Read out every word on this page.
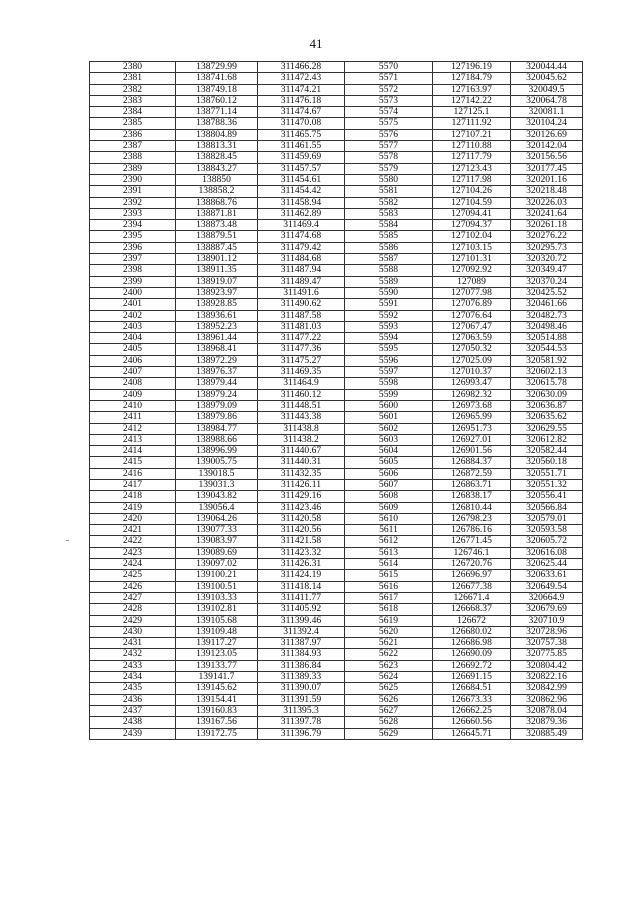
41
2380	138729.99	311466.28	5570	127196.19	320044.44
2381	138741.68	311472.43	5571	127184.79	320045.62
2382	138749.18	311474.21	5572	127163.97	320049.5
2383	138760.12	311476.18	5573	127142.22	320064.78
2384	138771.14	311474.67	5574	127125.1	320081.1
2385	138788.36	311470.08	5575	127111.92	320104.24
2386	138804.89	311465.75	5576	127107.21	320126.69
2387	138813.31	311461.55	5577	127110.88	320142.04
2388	138828.45	311459.69	5578	127117.79	320156.56
2389	138843.27	311457.57	5579	127123.43	320177.45
2390	138850	311454.61	5580	127117.98	320201.16
2391	138858.2	311454.42	5581	127104.26	320218.48
2392	138868.76	311458.94	5582	127104.59	320226.03
2393	138871.81	311462.89	5583	127094.41	320241.64
2394	138873.48	311469.4	5584	127094.37	320261.18
2395	138879.51	311474.68	5585	127102.04	320276.22
2396	138887.45	311479.42	5586	127103.15	320295.73
2397	138901.12	311484.68	5587	127101.31	320320.72
2398	138911.35	311487.94	5588	127092.92	320349.47
2399	138919.07	311489.47	5589	127089	320370.24
2400	138923.97	311491.6	5590	127077.98	320425.52
2401	138928.85	311490.62	5591	127076.89	320461.66
2402	138936.61	311487.58	5592	127076.64	320482.73
2403	138952.23	311481.03	5593	127067.47	320498.46
2404	138961.44	311477.22	5594	127063.59	320514.88
2405	138968.41	311477.36	5595	127050.32	320544.53
2406	138972.29	311475.27	5596	127025.09	320581.92
2407	138976.37	311469.35	5597	127010.37	320602.13
2408	138979.44	311464.9	5598	126993.47	320615.78
2409	138979.24	311460.12	5599	126982.32	320630.09
2410	138979.09	311448.51	5600	126973.68	320636.87
2411	138979.86	311443.38	5601	126965.99	320635.62
2412	138984.77	311438.8	5602	126951.73	320629.55
2413	138988.66	311438.2	5603	126927.01	320612.82
2414	138996.99	311440.67	5604	126901.56	320582.44
2415	139005.75	311440.31	5605	126884.37	320560.18
2416	139018.5	311432.35	5606	126872.59	320551.71
2417	139031.3	311426.11	5607	126863.71	320551.32
2418	139043.82	311429.16	5608	126838.17	320556.41
2419	139056.4	311423.46	5609	126810.44	320566.84
2420	139064.26	311420.58	5610	126798.23	320579.01
2421	139077.33	311420.56	5611	126786.16	320593.58
2422	139083.97	311421.58	5612	126771.45	320605.72
2423	139089.69	311423.32	5613	126746.1	320616.08
2424	139097.02	311426.31	5614	126720.76	320625.44
2425	139100.21	311424.19	5615	126696.97	320633.61
2426	139100.51	311418.14	5616	126677.38	320649.54
2427	139103.33	311411.77	5617	126671.4	320664.9
2428	139102.81	311405.92	5618	126668.37	320679.69
2429	139105.68	311399.46	5619	126672	320710.9
2430	139109.48	311392.4	5620	126680.02	320728.96
2431	139117.27	311387.97	5621	126686.98	320757.38
2432	139123.05	311384.93	5622	126690.09	320775.85
2433	139133.77	311386.84	5623	126692.72	320804.42
2434	139141.7	311389.33	5624	126691.15	320822.16
2435	139145.62	311390.07	5625	126684.51	320842.99
2436	139154.41	311391.59	5626	126673.33	320862.96
2437	139160.83	311395.3	5627	126662.25	320878.04
2438	139167.56	311397.78	5628	126660.56	320879.36
2439	139172.75	311396.79	5629	126645.71	320885.49
